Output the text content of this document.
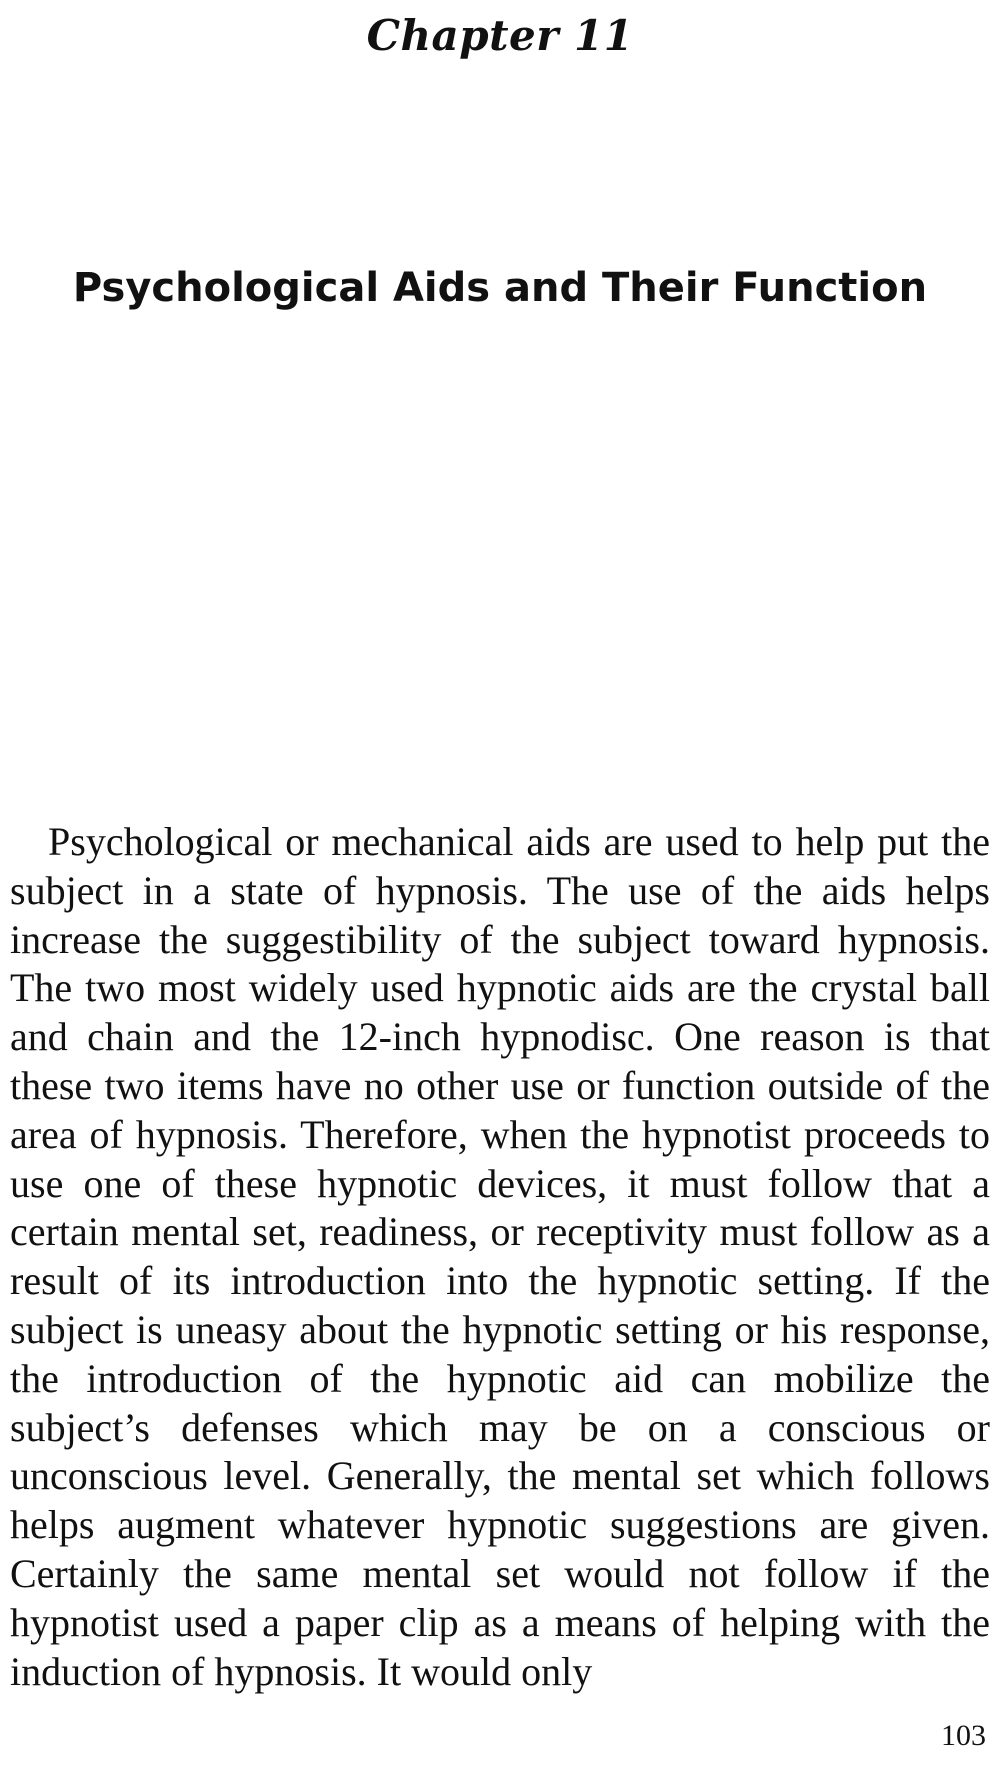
Chapter 11
Psychological Aids and Their Function

Psychological or mechanical aids are used to help put the subject in a state of hypnosis. The use of the aids helps increase the suggestibility of the subject toward hypnosis. The two most widely used hypnotic aids are the crystal ball and chain and the 12-inch hypnodisc. One reason is that these two items have no other use or function outside of the area of hypnosis. Therefore, when the hypnotist proceeds to use one of these hypnotic devices, it must follow that a certain mental set, readiness, or receptivity must follow as a result of its introduction into the hypnotic setting. If the subject is uneasy about the hypnotic setting or his response, the introduction of the hypnotic aid can mobilize the subject’s defenses which may be on a conscious or unconscious level. Generally, the mental set which follows helps augment whatever hypnotic suggestions are given. Certainly the same mental set would not follow if the hypnotist used a paper clip as a means of helping with the induction of hypnosis. It would only

103
